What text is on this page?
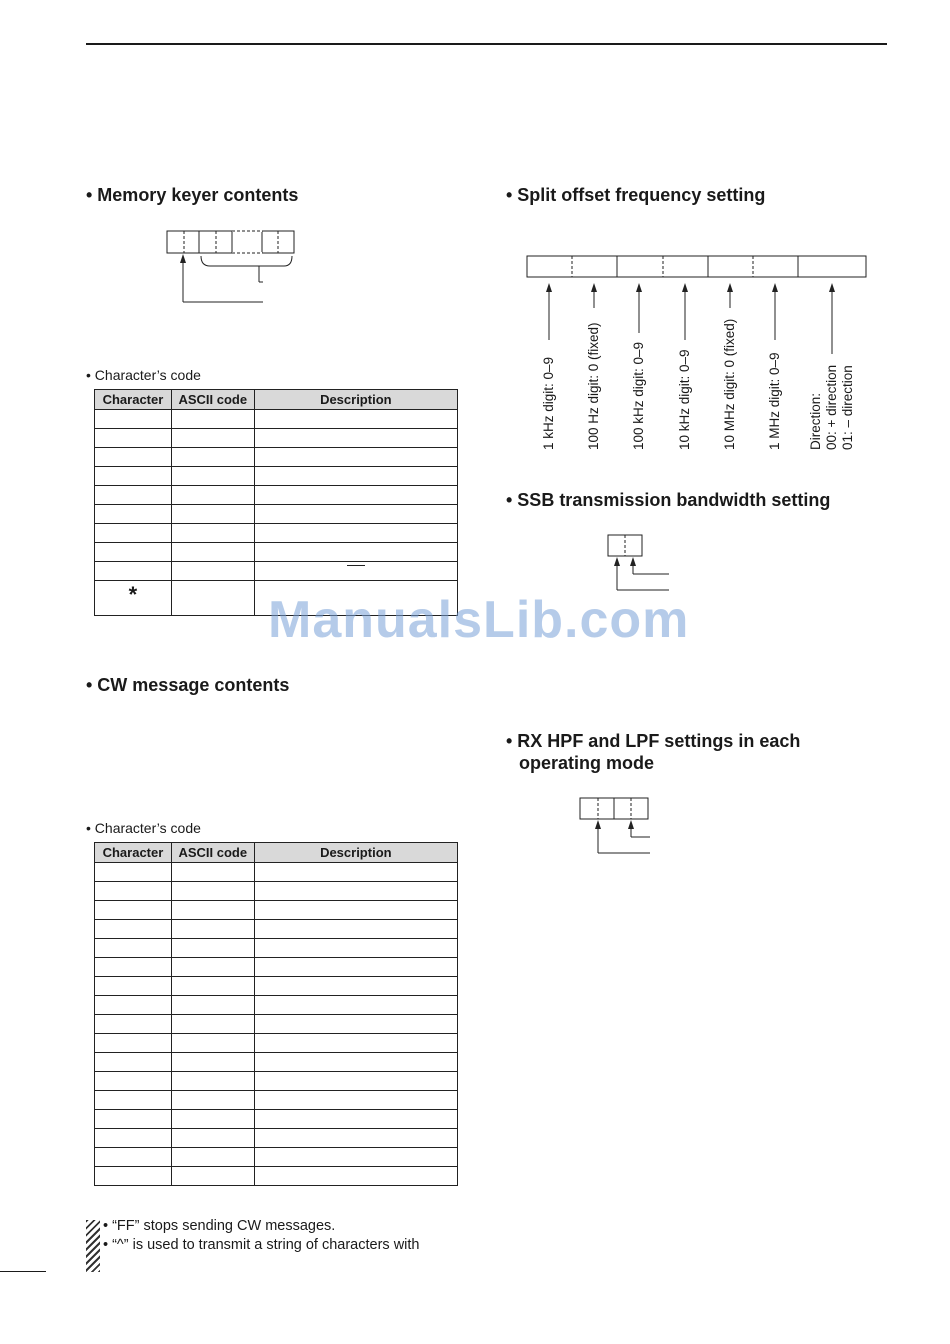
• Memory keyer contents
• Character’s code
Character	ASCII code	Description

*			ManualsLib.com
• CW message contents
• Character’s code
Character	ASCII code	Description

• “FF” stops sending CW messages.
• “^” is used to transmit a string of characters with
• Split offset frequency setting
1 kHz digit: 0–9 100 Hz digit: 0 (fixed) 100 kHz digit: 0–9 10 kHz digit: 0–9 10 MHz digit: 0 (fixed) 1 MHz digit: 0–9 Direction: 00: + direction 01: – direction
• SSB transmission bandwidth setting
• RX HPF and LPF settings in each
operating mode
